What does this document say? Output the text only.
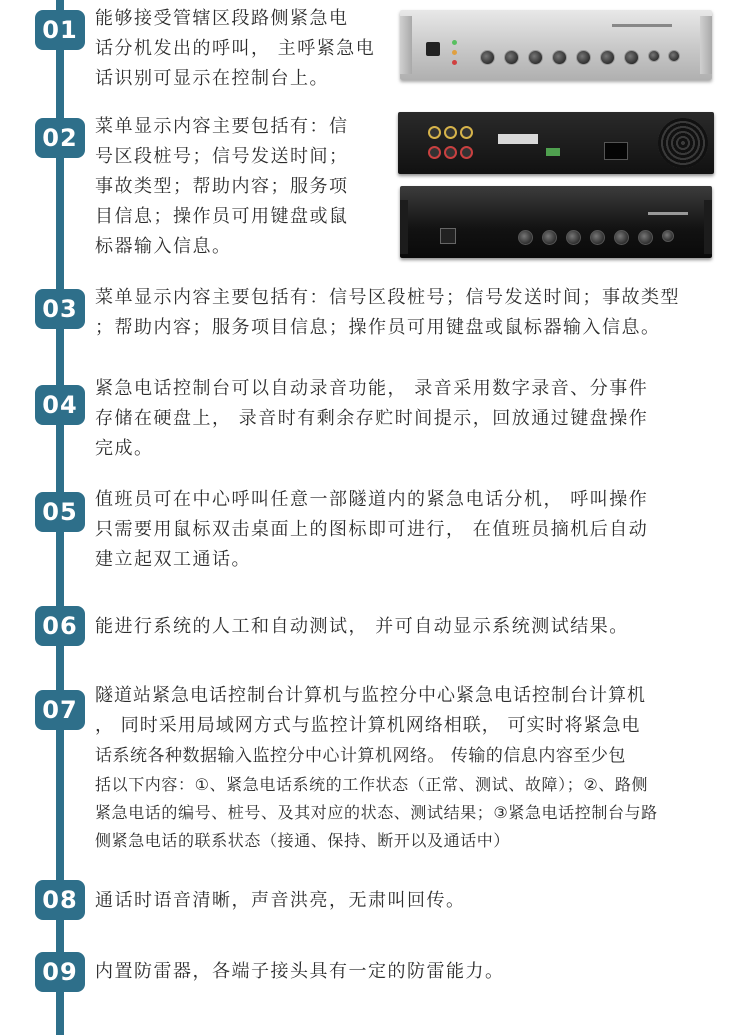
01 能够接受管辖区段路侧紧急电
话分机发出的呼叫， 主呼紧急电
话识别可显示在控制台上。
02 菜单显示内容主要包括有：信
号区段桩号；信号发送时间；
事故类型；帮助内容；服务项
目信息；操作员可用键盘或鼠
标器输入信息。
03 菜单显示内容主要包括有：信号区段桩号；信号发送时间；事故类型
；帮助内容；服务项目信息；操作员可用键盘或鼠标器输入信息。
04
紧急电话控制台可以自动录音功能， 录音采用数字录音、分事件
存储在硬盘上， 录音时有剩余存贮时间提示，回放通过键盘操作
完成。
05 值班员可在中心呼叫任意一部隧道内的紧急电话分机， 呼叫操作
只需要用鼠标双击桌面上的图标即可进行， 在值班员摘机后自动
建立起双工通话。
06 能进行系统的人工和自动测试， 并可自动显示系统测试结果。
07
隧道站紧急电话控制台计算机与监控分中心紧急电话控制台计算机
， 同时采用局域网方式与监控计算机网络相联， 可实时将紧急电
话系统各种数据输入监控分中心计算机网络。 传输的信息内容至少包
括以下内容：①、紧急电话系统的工作状态（正常、测试、故障）；②、路侧
紧急电话的编号、桩号、及其对应的状态、测试结果；③紧急电话控制台与路
侧紧急电话的联系状态（接通、保持、断开以及通话中）
08 通话时语音清晰，声音洪亮，无肃叫回传。
09 内置防雷器，各端子接头具有一定的防雷能力。
